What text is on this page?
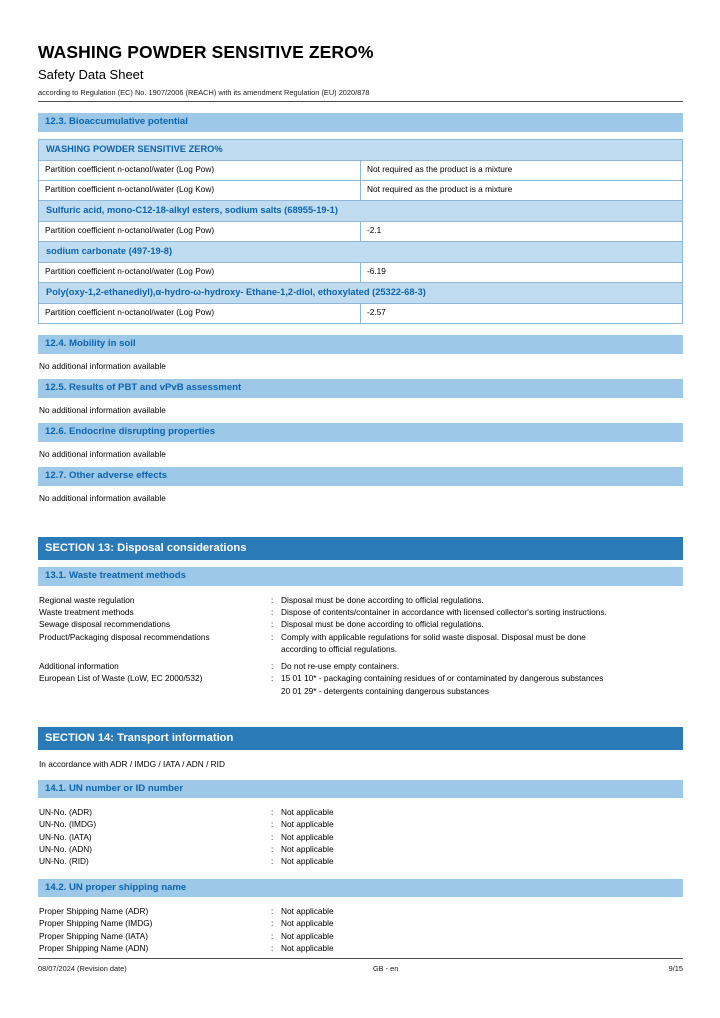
WASHING POWDER SENSITIVE ZERO%
Safety Data Sheet

according to Regulation (EC) No. 1907/2006 (REACH) with its amendment Regulation (EU) 2020/878

12.3. Bioaccumulative potential
WASHING POWDER SENSITIVE ZERO%	
Partition coefficient n-octanol/water (Log Pow)	Not required as the product is a mixture
Partition coefficient n-octanol/water (Log Kow)	Not required as the product is a mixture
Sulfuric acid, mono-C12-18-alkyl esters, sodium salts (68955-19-1)	
Partition coefficient n-octanol/water (Log Pow)	-2.1
sodium carbonate (497-19-8)	
Partition coefficient n-octanol/water (Log Pow)	-6.19
Poly(oxy-1,2-ethanediyl),α-hydro-ω-hydroxy- Ethane-1,2-diol, ethoxylated (25322-68-3)	
Partition coefficient n-octanol/water (Log Pow)	-2.57
12.4. Mobility in soil
No additional information available
12.5. Results of PBT and vPvB assessment
No additional information available
12.6. Endocrine disrupting properties
No additional information available
12.7. Other adverse effects
No additional information available
SECTION 13: Disposal considerations
13.1. Waste treatment methods
Regional waste regulation	: Disposal must be done according to official regulations.
Waste treatment methods	: Dispose of contents/container in accordance with licensed collector's sorting instructions.
Sewage disposal recommendations	: Disposal must be done according to official regulations.
Product/Packaging disposal recommendations	: Comply with applicable regulations for solid waste disposal. Disposal must be done
according to official regulations.
Additional information	: Do not re-use empty containers.
European List of Waste (LoW, EC 2000/532)	: 15 01 10* - packaging containing residues of or contaminated by dangerous substances
20 01 29* - detergents containing dangerous substances
SECTION 14: Transport information
In accordance with ADR / IMDG / IATA / ADN / RID
14.1. UN number or ID number
UN-No. (ADR)	: Not applicable
UN-No. (IMDG)	: Not applicable
UN-No. (IATA)	: Not applicable
UN-No. (ADN)	: Not applicable
UN-No. (RID)	: Not applicable
14.2. UN proper shipping name
Proper Shipping Name (ADR)	: Not applicable
Proper Shipping Name (IMDG)	: Not applicable
Proper Shipping Name (IATA)	: Not applicable
Proper Shipping Name (ADN)	: Not applicable
08/07/2024 (Revision date)	GB - en	9/15
